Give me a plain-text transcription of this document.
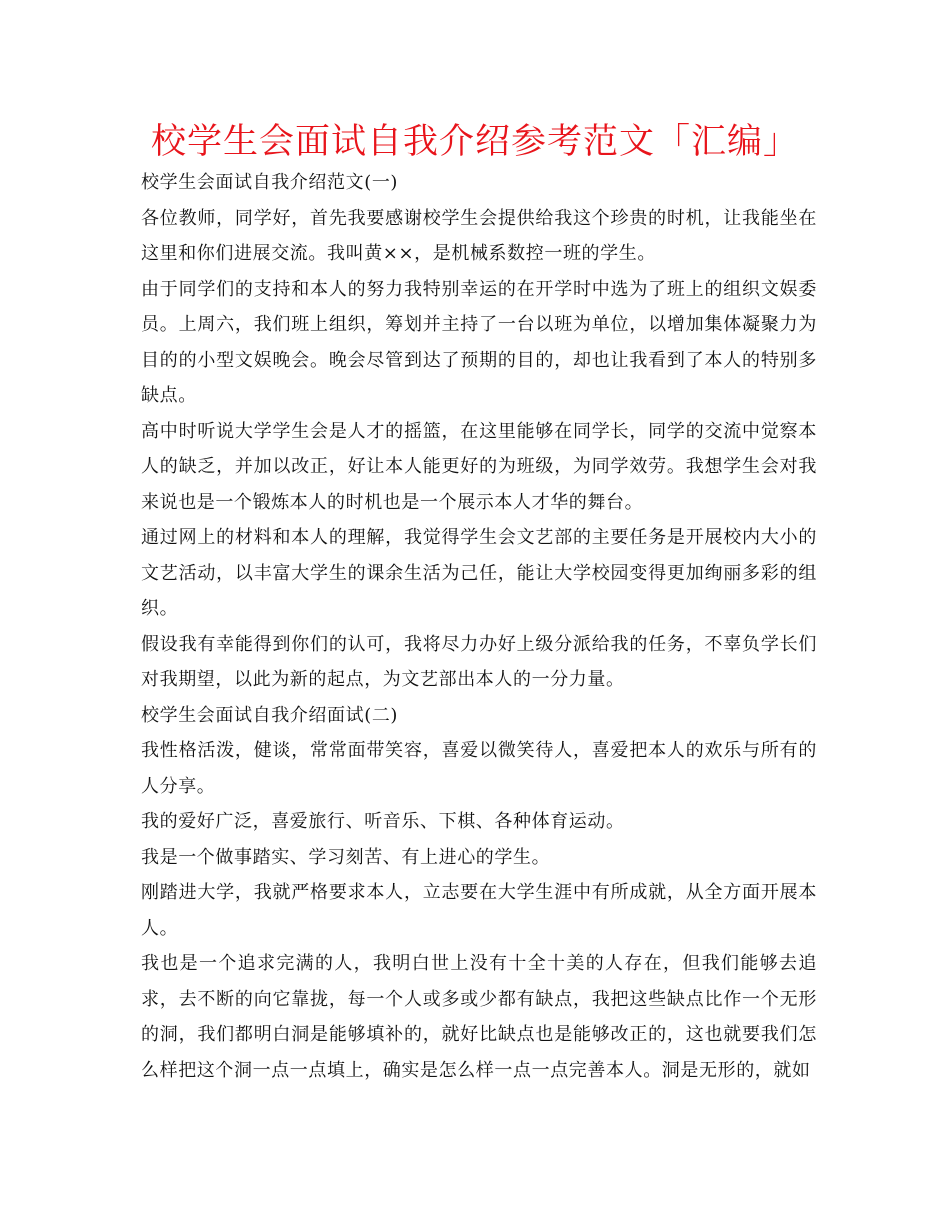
校学生会面试自我介绍参考范文「汇编」

校学生会面试自我介绍范文(一)

各位教师，同学好，首先我要感谢校学生会提供给我这个珍贵的时机，让我能坐在这里和你们进展交流。我叫黄××，是机械系数控一班的学生。

由于同学们的支持和本人的努力我特别幸运的在开学时中选为了班上的组织文娱委员。上周六，我们班上组织，筹划并主持了一台以班为单位，以增加集体凝聚力为目的的小型文娱晚会。晚会尽管到达了预期的目的，却也让我看到了本人的特别多缺点。

高中时听说大学学生会是人才的摇篮，在这里能够在同学长，同学的交流中觉察本人的缺乏，并加以改正，好让本人能更好的为班级，为同学效劳。我想学生会对我来说也是一个锻炼本人的时机也是一个展示本人才华的舞台。

通过网上的材料和本人的理解，我觉得学生会文艺部的主要任务是开展校内大小的文艺活动，以丰富大学生的课余生活为己任，能让大学校园变得更加绚丽多彩的组织。

假设我有幸能得到你们的认可，我将尽力办好上级分派给我的任务，不辜负学长们对我期望，以此为新的起点，为文艺部出本人的一分力量。

校学生会面试自我介绍面试(二)

我性格活泼，健谈，常常面带笑容，喜爱以微笑待人，喜爱把本人的欢乐与所有的人分享。

我的爱好广泛，喜爱旅行、听音乐、下棋、各种体育运动。

我是一个做事踏实、学习刻苦、有上进心的学生。

刚踏进大学，我就严格要求本人，立志要在大学生涯中有所成就，从全方面开展本人。

我也是一个追求完满的人，我明白世上没有十全十美的人存在，但我们能够去追求，去不断的向它靠拢，每一个人或多或少都有缺点，我把这些缺点比作一个无形的洞，我们都明白洞是能够填补的，就好比缺点也是能够改正的，这也就要我们怎么样把这个洞一点一点填上，确实是怎么样一点一点完善本人。洞是无形的，就如
